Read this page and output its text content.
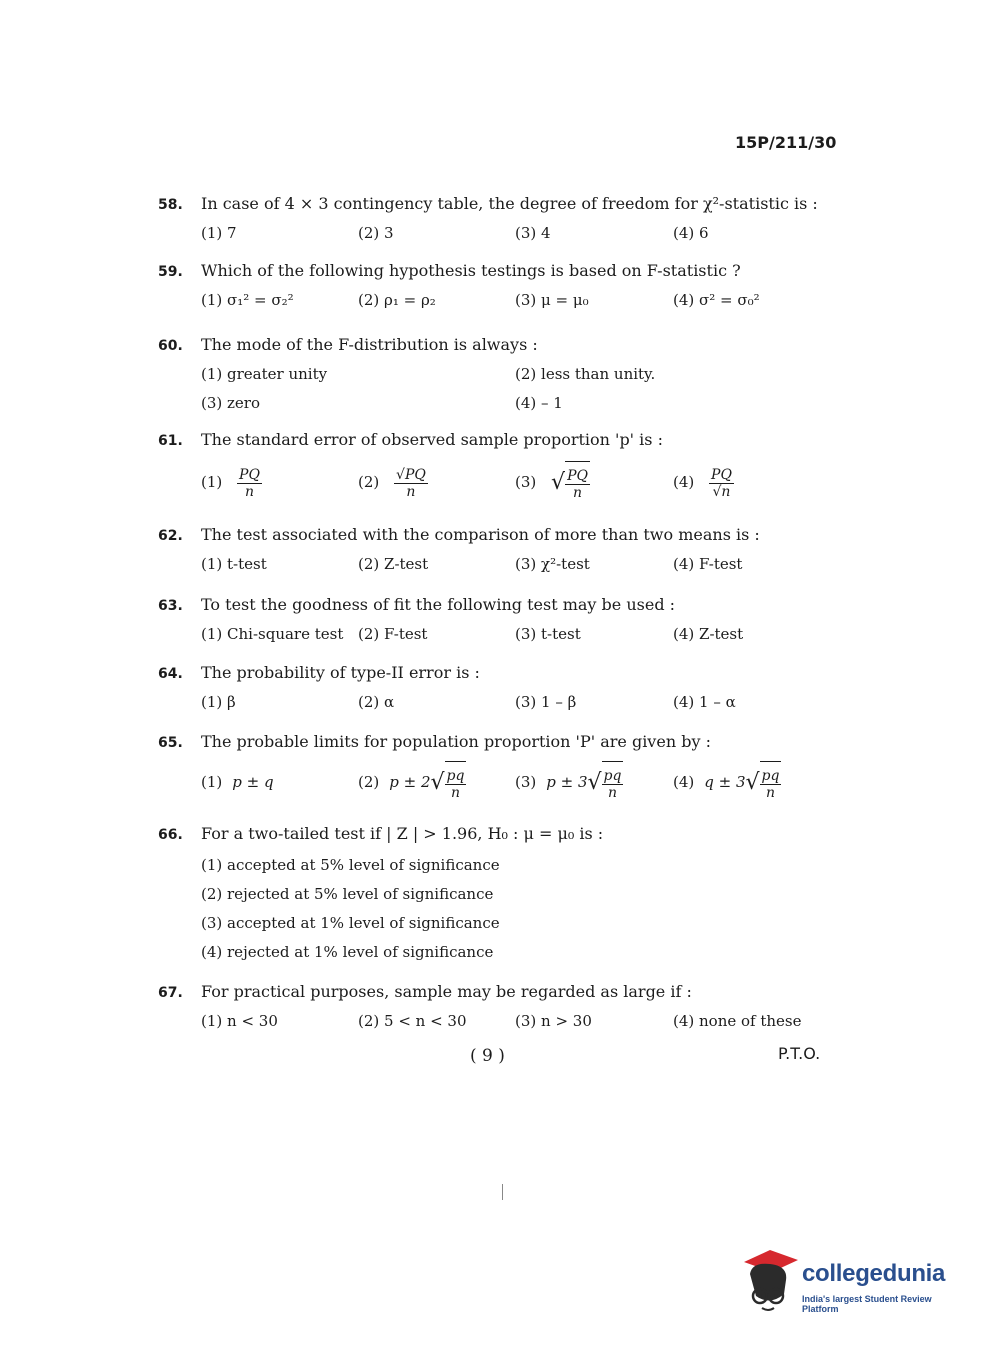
15P/211/30
58. In case of 4 × 3 contingency table, the degree of freedom for χ²-statistic is :
(1) 7	(2) 3	(3) 4	(4) 6
59. Which of the following hypothesis testings is based on F-statistic ?
(1) σ₁² = σ₂²	(2) ρ₁ = ρ₂	(3) μ = μ₀	(4) σ² = σ₀²
60. The mode of the F-distribution is always :
(1) greater unity	(2) less than unity.
(3) zero	(4) – 1
61. The standard error of observed sample proportion 'p' is :
$(1) \frac{PQ}{n}$	$(2) \frac{√PQ}{n}$	(3) √ $\frac{PQ}{n}$	$(4) \frac{PQ}{√n}$
62. The test associated with the comparison of more than two means is :
(1) t-test	(2) Z-test	(3) χ²-test	(4) F-test
63. To test the goodness of fit the following test may be used :
(1) Chi-square test (2) F-test	(3) t-test	(4) Z-test
64. The probability of type-II error is :
(1) β	(2) α	(3) 1 – β	(4) 1 – α
65. The probable limits for population proportion 'P' are given by :
(1) p ± q	(2) $p \pm 2√ \frac{pq}{n}$	(3) $p \pm 3√ \frac{pq}{n}$	(4) $q \pm 3√ \frac{pq}{n}$
66. For a two-tailed test if | Z | > 1.96, H₀ : μ = μ₀ is :
(1) accepted at 5% level of significance
(2) rejected at 5% level of significance
(3) accepted at 1% level of significance
(4) rejected at 1% level of significance
67. For practical purposes, sample may be regarded as large if :
(1) n < 30	(2) 5 < n < 30	(3) n > 30	(4) none of these
( 9 )	P.T.O.
collegedunia
India's largest Student Review Platform
